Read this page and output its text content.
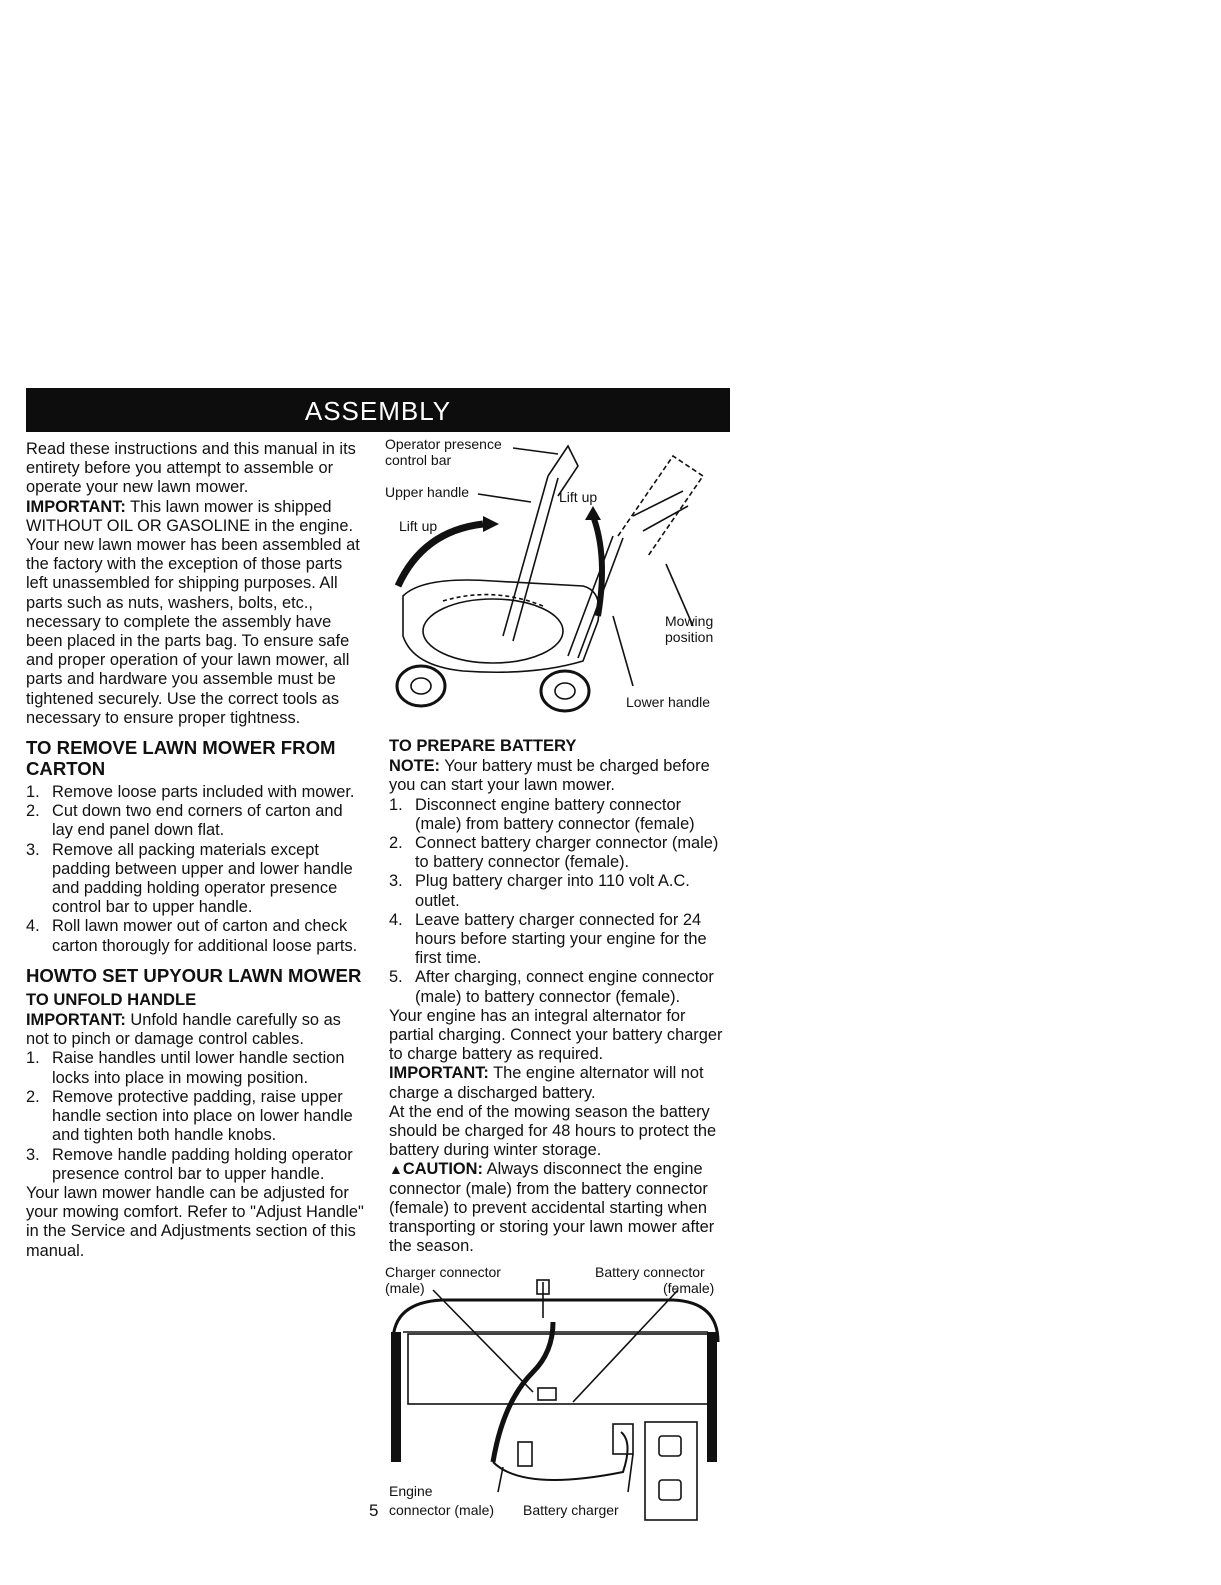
ASSEMBLY

Read these instructions and this manual in its entirety before you attempt to assemble or operate your new lawn mower.

IMPORTANT: This lawn mower is shipped WITHOUT OIL OR GASOLINE in the engine.

Your new lawn mower has been assembled at the factory with the exception of those parts left unassembled for shipping purposes. All parts such as nuts, washers, bolts, etc., necessary to complete the assembly have been placed in the parts bag. To ensure safe and proper operation of your lawn mower, all parts and hardware you assemble must be tightened securely. Use the correct tools as necessary to ensure proper tightness.

TO REMOVE LAWN MOWER FROM CARTON
1. Remove loose parts included with mower.
2. Cut down two end corners of carton and lay end panel down flat.
3. Remove all packing materials except padding between upper and lower handle and padding holding operator presence control bar to upper handle.
4. Roll lawn mower out of carton and check carton thorougly for additional loose parts.
HOWTO SET UPYOUR LAWN MOWER
TO UNFOLD HANDLE

IMPORTANT: Unfold handle carefully so as not to pinch or damage control cables.

1. Raise handles until lower handle section locks into place in mowing position.
2. Remove protective padding, raise upper handle section into place on lower handle and tighten both handle knobs.
3. Remove handle padding holding operator presence control bar to upper handle.

Your lawn mower handle can be adjusted for your mowing comfort. Refer to "Adjust Handle" in the Service and Adjustments section of this manual.

Operator presence
control bar
Upper handle
Lift up
Lift up
Mowing
position
Lower handle
TO PREPARE BATTERY

NOTE: Your battery must be charged before you can start your lawn mower.

1. Disconnect engine battery connector (male) from battery connector (female)
2. Connect battery charger connector (male) to battery connector (female).
3. Plug battery charger into 110 volt A.C. outlet.
4. Leave battery charger connected for 24 hours before starting your engine for the first time.
5. After charging, connect engine connector (male) to battery connector (female).

Your engine has an integral alternator for partial charging. Connect your battery charger to charge battery as required.

IMPORTANT: The engine alternator will not charge a discharged battery.

At the end of the mowing season the battery should be charged for 48 hours to protect the battery during winter storage.

▲CAUTION: Always disconnect the engine connector (male) from the battery connector (female) to prevent accidental starting when transporting or storing your lawn mower after the season.

Charger connector
(male)
Battery connector
(female)
Engine
connector (male) Battery charger
5
